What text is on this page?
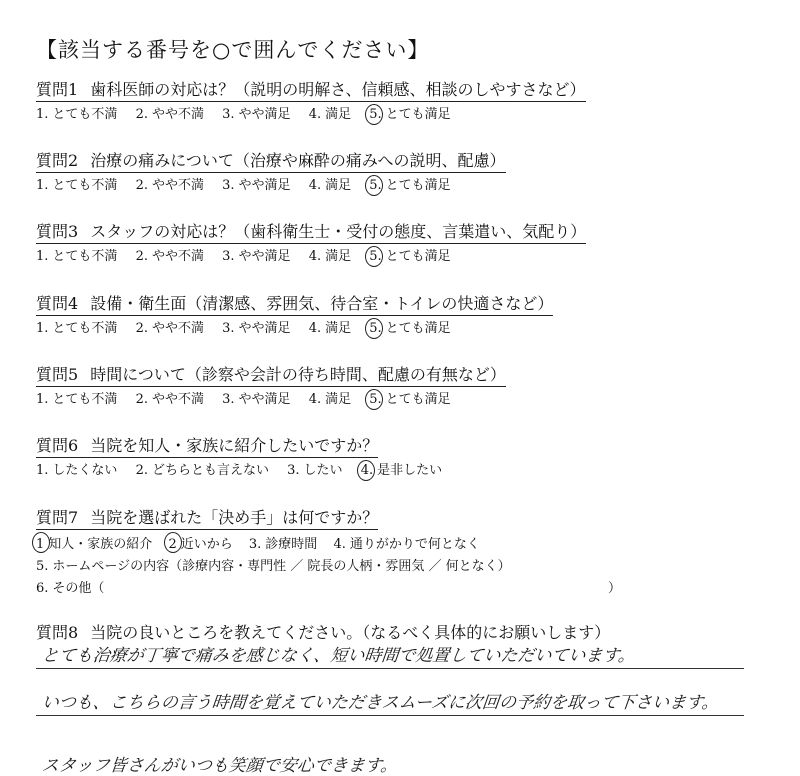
【該当する番号を○で囲んでください】
質問1 歯科医師の対応は？（説明の明解さ、信頼感、相談のしやすさなど）
1. とても不満 2. やや不満 3. やや満足 4. 満足 5. とても満足
質問2 治療の痛みについて（治療や麻酔の痛みへの説明、配慮）
1. とても不満 2. やや不満 3. やや満足 4. 満足 5. とても満足
質問3 スタッフの対応は？（歯科衛生士・受付の態度、言葉遣い、気配り）
1. とても不満 2. やや不満 3. やや満足 4. 満足 5. とても満足
質問4 設備・衛生面（清潔感、雰囲気、待合室・トイレの快適さなど）
1. とても不満 2. やや不満 3. やや満足 4. 満足 5. とても満足
質問5 時間について（診察や会計の待ち時間、配慮の有無など）
1. とても不満 2. やや不満 3. やや満足 4. 満足 5. とても満足
質問6 当院を知人・家族に紹介したいですか？
1. したくない 2. どちらとも言えない 3. したい 4. 是非したい
質問7 当院を選ばれた「決め手」は何ですか？
1 知人・家族の紹介 2 近いから 3. 診療時間 4. 通りがかりで何となく
5. ホームページの内容（診療内容・専門性 ／ 院長の人柄・雰囲気 ／ 何となく）
6. その他（	）
質問8 当院の良いところを教えてください。（なるべく具体的にお願いします）
とても治療が丁寧で痛みを感じなく、短い時間で処置していただいています。
いつも、こちらの言う時間を覚えていただきスムーズに次回の予約を取って下さいます。
スタッフ皆さんがいつも笑顔で安心できます。
